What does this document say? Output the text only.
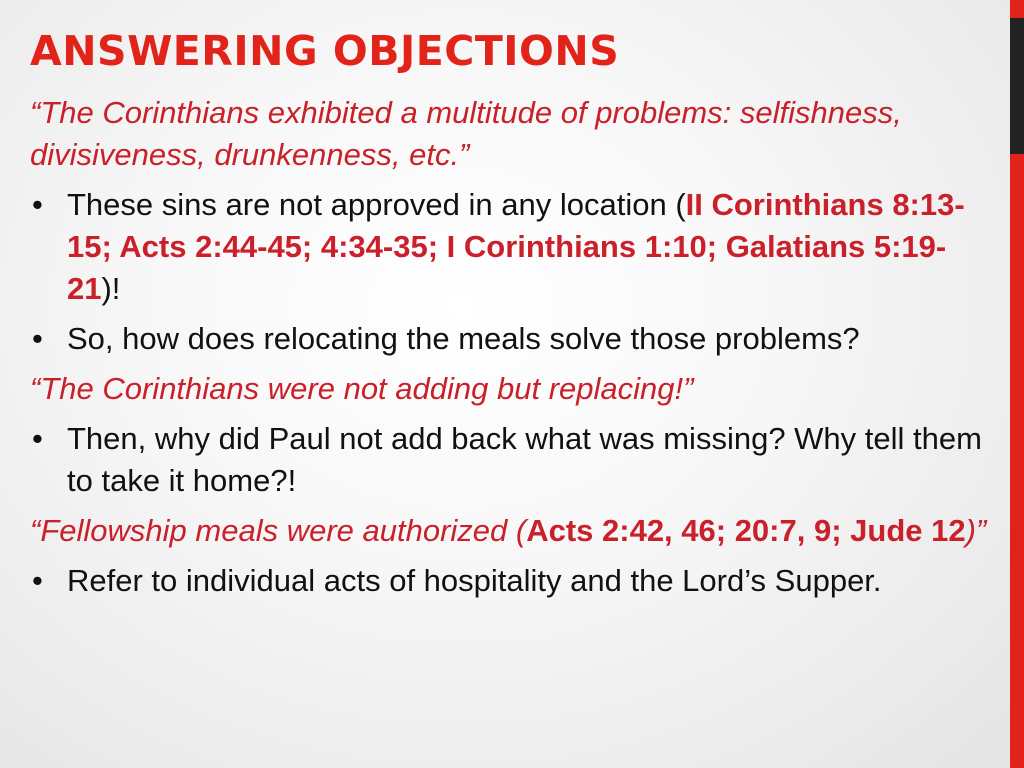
ANSWERING OBJECTIONS

“The Corinthians exhibited a multitude of problems: selfishness, divisiveness, drunkenness, etc.”

• These sins are not approved in any location (II Corinthians 8:13-15; Acts 2:44-45; 4:34-35; I Corinthians 1:10; Galatians 5:19-21)!
• So, how does relocating the meals solve those problems?

“The Corinthians were not adding but replacing!”

• Then, why did Paul not add back what was missing? Why tell them to take it home?!

“Fellowship meals were authorized (Acts 2:42, 46; 20:7, 9; Jude 12)”

• Refer to individual acts of hospitality and the Lord’s Supper.
